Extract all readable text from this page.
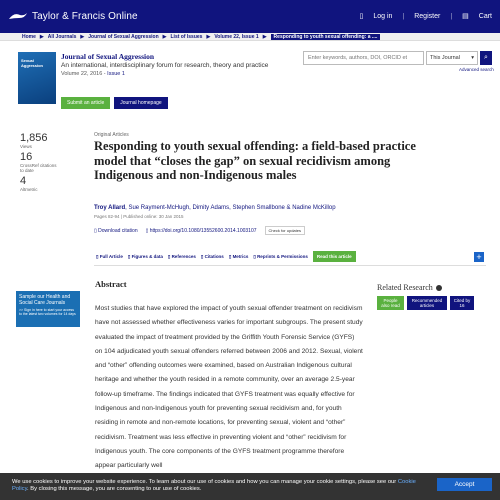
Taylor & Francis Online	▯ Log in | Register | ▤ Cart
Home ▶ All Journals ▶ Journal of Sexual Aggression ▶ List of Issues ▶ Volume 22, Issue 1 ▶	Responding to youth sexual offending: a ....
Sexual Aggression
Journal of Sexual Aggression
An international, interdisciplinary forum for research, theory and practice
Volume 22, 2016 - Issue 1
Submit an article	Journal homepage
Enter keywords, authors, DOI, ORCID et
This Journal ▾ ⌕
Advanced search
1,856
Views
16
CrossRef citations to date
4
Altmetric
Original Articles
Responding to youth sexual offending: a field-based practice model that “closes the gap” on sexual recidivism among Indigenous and non-Indigenous males
Troy Allard, Sue Rayment-McHugh, Dimity Adams, Stephen Smallbone & Nadine McKillop
Pages 82-94 | Published online: 30 Jan 2015
▯ Download citation ▯ https://doi.org/10.1080/13552600.2014.1003107	Check for updates
▯ Full Article ▯ Figures & data ▯ References ▯ Citations ▯ Metrics ▯ Reprints & Permissions	Read this article	+
Sample our Health and Social Care Journals
>> Sign in here to start your access to the latest two volumes for 14 days
Abstract
Most studies that have explored the impact of youth sexual offender treatment on recidivism have not assessed whether effectiveness varies for important subgroups. The present study evaluated the impact of treatment provided by the Griffith Youth Forensic Service (GYFS) on 104 adjudicated youth sexual offenders referred between 2006 and 2012. Sexual, violent and “other” offending outcomes were examined, based on Australian Indigenous cultural heritage and whether the youth resided in a remote community, over an average 2.5-year follow-up timeframe. The findings indicated that GYFS treatment was equally effective for Indigenous and non-Indigenous youth for preventing sexual recidivism and, for youth residing in remote and non-remote locations, for preventing sexual, violent and “other” recidivism. Treatment was less effective in preventing violent and “other” recidivism for Indigenous youth. The core components of the GYFS treatment programme therefore appear particularly well
Related Research
People also read
Recommended articles
Cited by 16
We use cookies to improve your website experience. To learn about our use of cookies and how you can manage your cookie settings, please see our Cookie Policy. By closing this message, you are consenting to our use of cookies.
Accept
